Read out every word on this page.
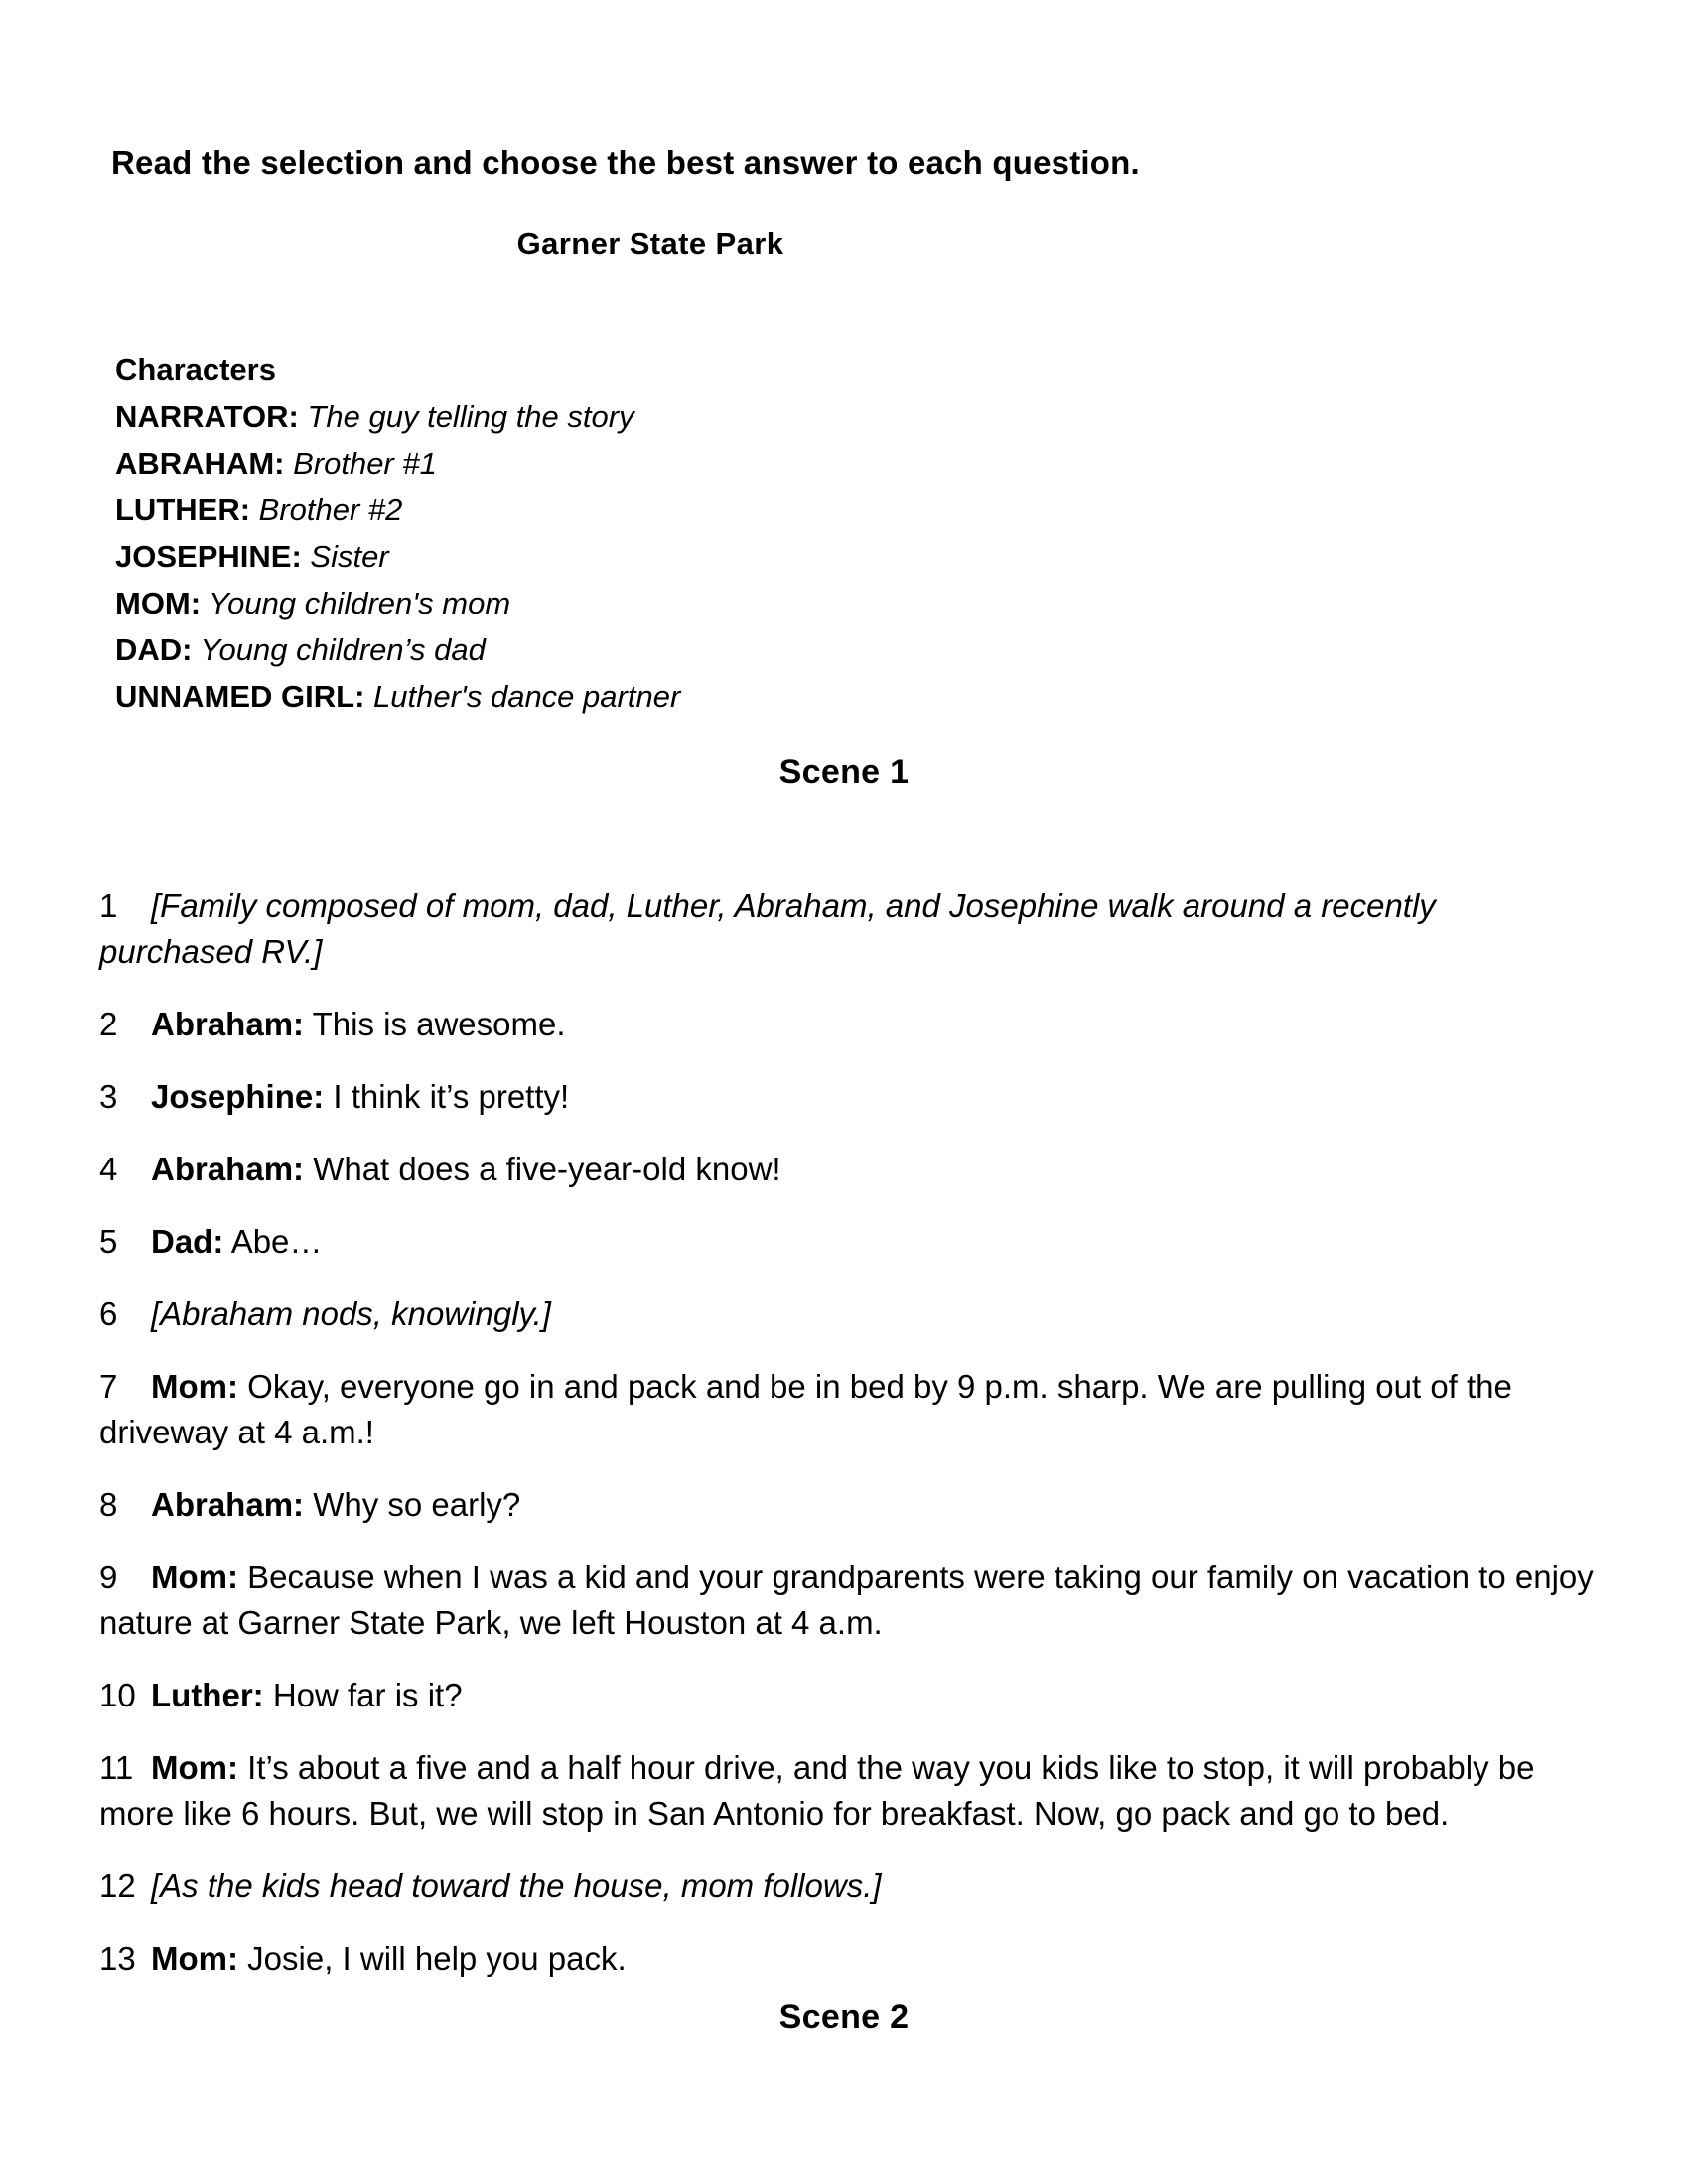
Read the selection and choose the best answer to each question.
Garner State Park
Characters
NARRATOR: The guy telling the story
ABRAHAM: Brother #1
LUTHER: Brother #2
JOSEPHINE: Sister
MOM: Young children's mom
DAD: Young children’s dad
UNNAMED GIRL: Luther's dance partner
Scene 1

1 [Family composed of mom, dad, Luther, Abraham, and Josephine walk around a recently purchased RV.]

2 Abraham: This is awesome.

3 Josephine: I think it’s pretty!

4 Abraham: What does a five-year-old know!

5 Dad: Abe…

6 [Abraham nods, knowingly.]

7 Mom: Okay, everyone go in and pack and be in bed by 9 p.m. sharp. We are pulling out of the driveway at 4 a.m.!

8 Abraham: Why so early?

9 Mom: Because when I was a kid and your grandparents were taking our family on vacation to enjoy nature at Garner State Park, we left Houston at 4 a.m.

10 Luther: How far is it?

11 Mom: It’s about a five and a half hour drive, and the way you kids like to stop, it will probably be more like 6 hours. But, we will stop in San Antonio for breakfast. Now, go pack and go to bed.

12 [As the kids head toward the house, mom follows.]

13 Mom: Josie, I will help you pack.

Scene 2
